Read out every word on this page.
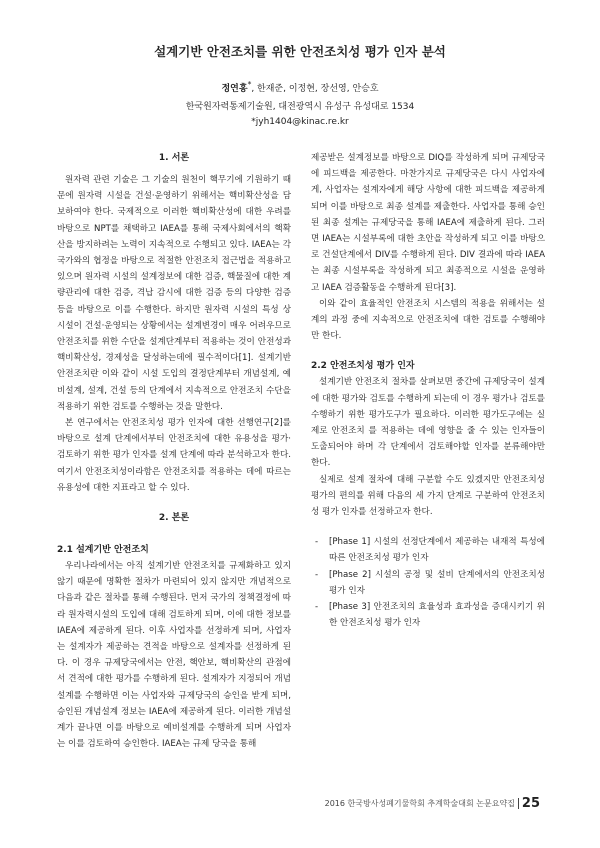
설계기반 안전조치를 위한 안전조치성 평가 인자 분석
정연홍*, 한재준, 이정현, 장선영, 안승호
한국원자력통제기술원, 대전광역시 유성구 유성대로 1534
*jyh1404@kinac.re.kr
1. 서론

원자력 관련 기술은 그 기술의 원천이 핵무기에 기원하기 때문에 원자력 시설을 건설·운영하기 위해서는 핵비확산성을 담보하여야 한다. 국제적으로 이러한 핵비확산성에 대한 우려를 바탕으로 NPT를 채택하고 IAEA를 통해 국제사회에서의 핵확산을 방지하려는 노력이 지속적으로 수행되고 있다. IAEA는 각 국가와의 협정을 바탕으로 적절한 안전조치 접근법을 적용하고 있으며 원자력 시설의 설계정보에 대한 검증, 핵물질에 대한 계량관리에 대한 검증, 격납 감시에 대한 검증 등의 다양한 검증 등을 바탕으로 이를 수행한다. 하지만 원자력 시설의 특성 상 시설이 건설·운영되는 상황에서는 설계변경이 매우 어려우므로 안전조치를 위한 수단을 설계단계부터 적용하는 것이 안전성과 핵비확산성, 경제성을 달성하는데에 필수적이다[1]. 설계기반 안전조치란 이와 같이 시설 도입의 결정단계부터 개념설계, 예비설계, 설계, 건설 등의 단계에서 지속적으로 안전조치 수단을 적용하기 위한 검토를 수행하는 것을 말한다.

본 연구에서는 안전조치성 평가 인자에 대한 선행연구[2]를 바탕으로 설계 단계에서부터 안전조치에 대한 유용성을 평가·검토하기 위한 평가 인자를 설계 단계에 따라 분석하고자 한다. 여기서 안전조치성이라함은 안전조치를 적용하는 데에 따르는 유용성에 대한 지표라고 할 수 있다.

2. 본론
2.1 설계기반 안전조치

우리나라에서는 아직 설계기반 안전조치를 규제화하고 있지 않기 때문에 명확한 절차가 마련되어 있지 않지만 개념적으로 다음과 같은 절차를 통해 수행된다. 먼저 국가의 정책결정에 따라 원자력시설의 도입에 대해 검토하게 되며, 이에 대한 정보를 IAEA에 제공하게 된다. 이후 사업자를 선정하게 되며, 사업자는 설계자가 제공하는 견적을 바탕으로 설계자를 선정하게 된다. 이 경우 규제당국에서는 안전, 핵안보, 핵비확산의 관점에서 견적에 대한 평가를 수행하게 된다. 설계자가 지정되어 개념설계를 수행하면 이는 사업자와 규제당국의 승인을 받게 되며, 승인된 개념설계 정보는 IAEA에 제공하게 된다. 이러한 개념설계가 끝나면 이를 바탕으로 예비설계를 수행하게 되며 사업자는 이를 검토하여 승인한다. IAEA는 규제 당국을 통해

제공받은 설계정보를 바탕으로 DIQ를 작성하게 되며 규제당국에 피드백을 제공한다. 마찬가지로 규제당국은 다시 사업자에게, 사업자는 설계자에게 해당 사항에 대한 피드백을 제공하게 되며 이를 바탕으로 최종 설계를 제출한다. 사업자를 통해 승인된 최종 설계는 규제당국을 통해 IAEA에 제출하게 된다. 그러면 IAEA는 시설부록에 대한 초안을 작성하게 되고 이를 바탕으로 건설단계에서 DIV를 수행하게 된다. DIV 결과에 따라 IAEA는 최종 시설부록을 작성하게 되고 최종적으로 시설을 운영하고 IAEA 검증활동을 수행하게 된다[3].

이와 같이 효율적인 안전조치 시스템의 적용을 위해서는 설계의 과정 중에 지속적으로 안전조치에 대한 검토를 수행해야만 한다.

2.2 안전조치성 평가 인자

설계기반 안전조치 절차를 살펴보면 중간에 규제당국이 설계에 대한 평가와 검토를 수행하게 되는데 이 경우 평가나 검토를 수행하기 위한 평가도구가 필요하다. 이러한 평가도구에는 실제로 안전조치 를 적용하는 데에 영향을 줄 수 있는 인자들이 도출되어야 하며 각 단계에서 검토해야할 인자를 분류해야만 한다.

실제로 설계 절차에 대해 구분할 수도 있겠지만 안전조치성 평가의 편의를 위해 다음의 세 가지 단계로 구분하여 안전조치성 평가 인자를 선정하고자 한다.

- [Phase 1] 시설의 선정단계에서 제공하는 내재적 특성에 따른 안전조치성 평가 인자
- [Phase 2] 시설의 공정 및 설비 단계에서의 안전조치성 평가 인자
- [Phase 3] 안전조치의 효율성과 효과성을 증대시키기 위한 안전조치성 평가 인자
2016 한국방사성폐기물학회 추계학술대회 논문요약집 25
